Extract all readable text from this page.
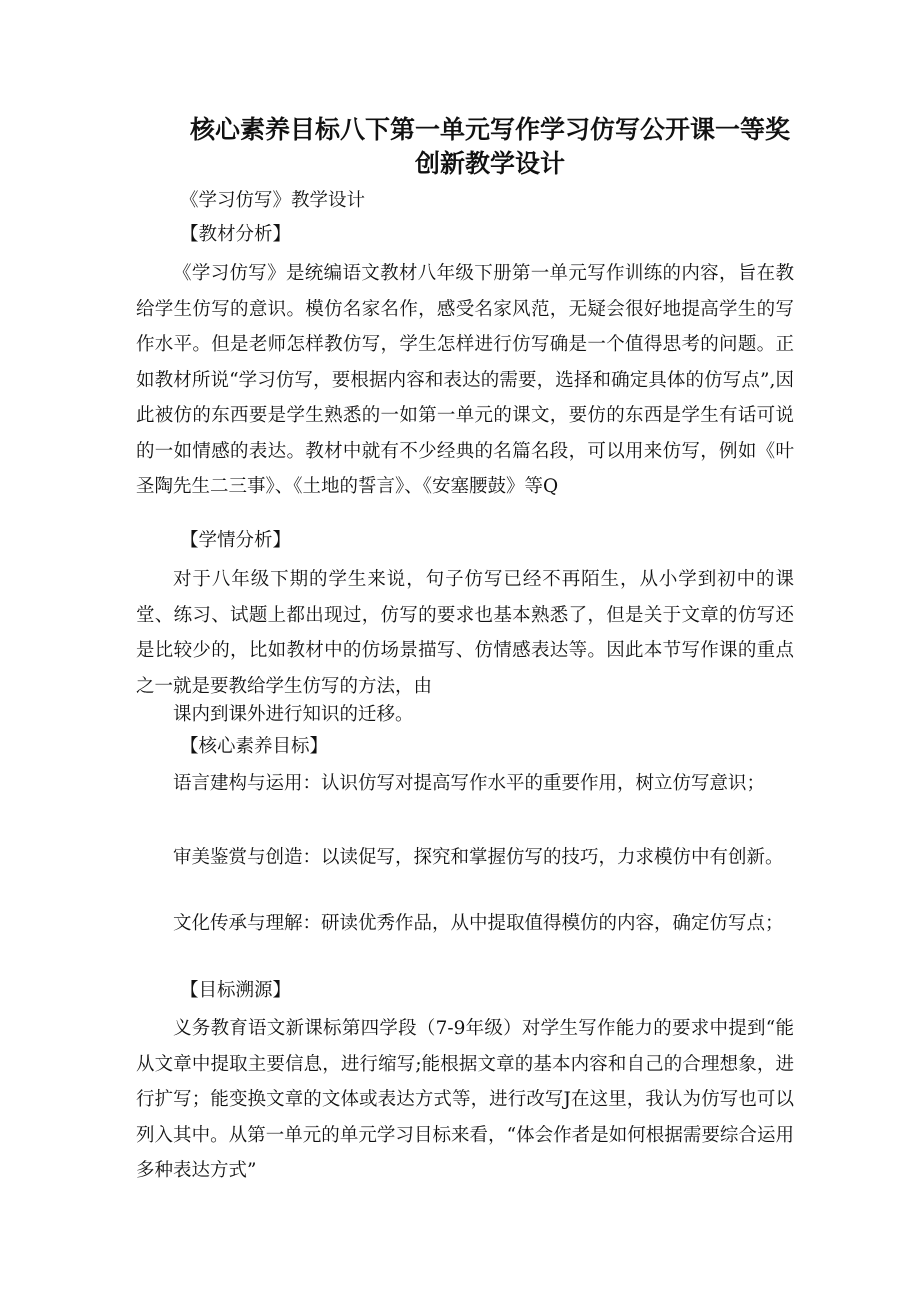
核心素养目标八下第一单元写作学习仿写公开课一等奖
创新教学设计
《学习仿写》教学设计
【教材分析】

《学习仿写》是统编语文教材八年级下册第一单元写作训练的内容，旨在教给学生仿写的意识。模仿名家名作，感受名家风范，无疑会很好地提高学生的写作水平。但是老师怎样教仿写，学生怎样进行仿写确是一个值得思考的问题。正如教材所说“学习仿写，要根据内容和表达的需要，选择和确定具体的仿写点”,因此被仿的东西要是学生熟悉的一如第一单元的课文，要仿的东西是学生有话可说的一如情感的表达。教材中就有不少经典的名篇名段，可以用来仿写，例如《叶圣陶先生二三事》、《土地的誓言》、《安塞腰鼓》等Q

【学情分析】

对于八年级下期的学生来说，句子仿写已经不再陌生，从小学到初中的课堂、练习、试题上都出现过，仿写的要求也基本熟悉了，但是关于文章的仿写还是比较少的，比如教材中的仿场景描写、仿情感表达等。因此本节写作课的重点之一就是要教给学生仿写的方法，由

课内到课外进行知识的迁移。

【核心素养目标】

语言建构与运用：认识仿写对提高写作水平的重要作用，树立仿写意识；

审美鉴赏与创造：以读促写，探究和掌握仿写的技巧，力求模仿中有创新。

文化传承与理解：研读优秀作品，从中提取值得模仿的内容，确定仿写点；

【目标溯源】

义务教育语文新课标第四学段（7-9年级）对学生写作能力的要求中提到“能从文章中提取主要信息，进行缩写;能根据文章的基本内容和自己的合理想象，进行扩写；能变换文章的文体或表达方式等，进行改写J在这里，我认为仿写也可以列入其中。从第一单元的单元学习目标来看，“体会作者是如何根据需要综合运用多种表达方式”
